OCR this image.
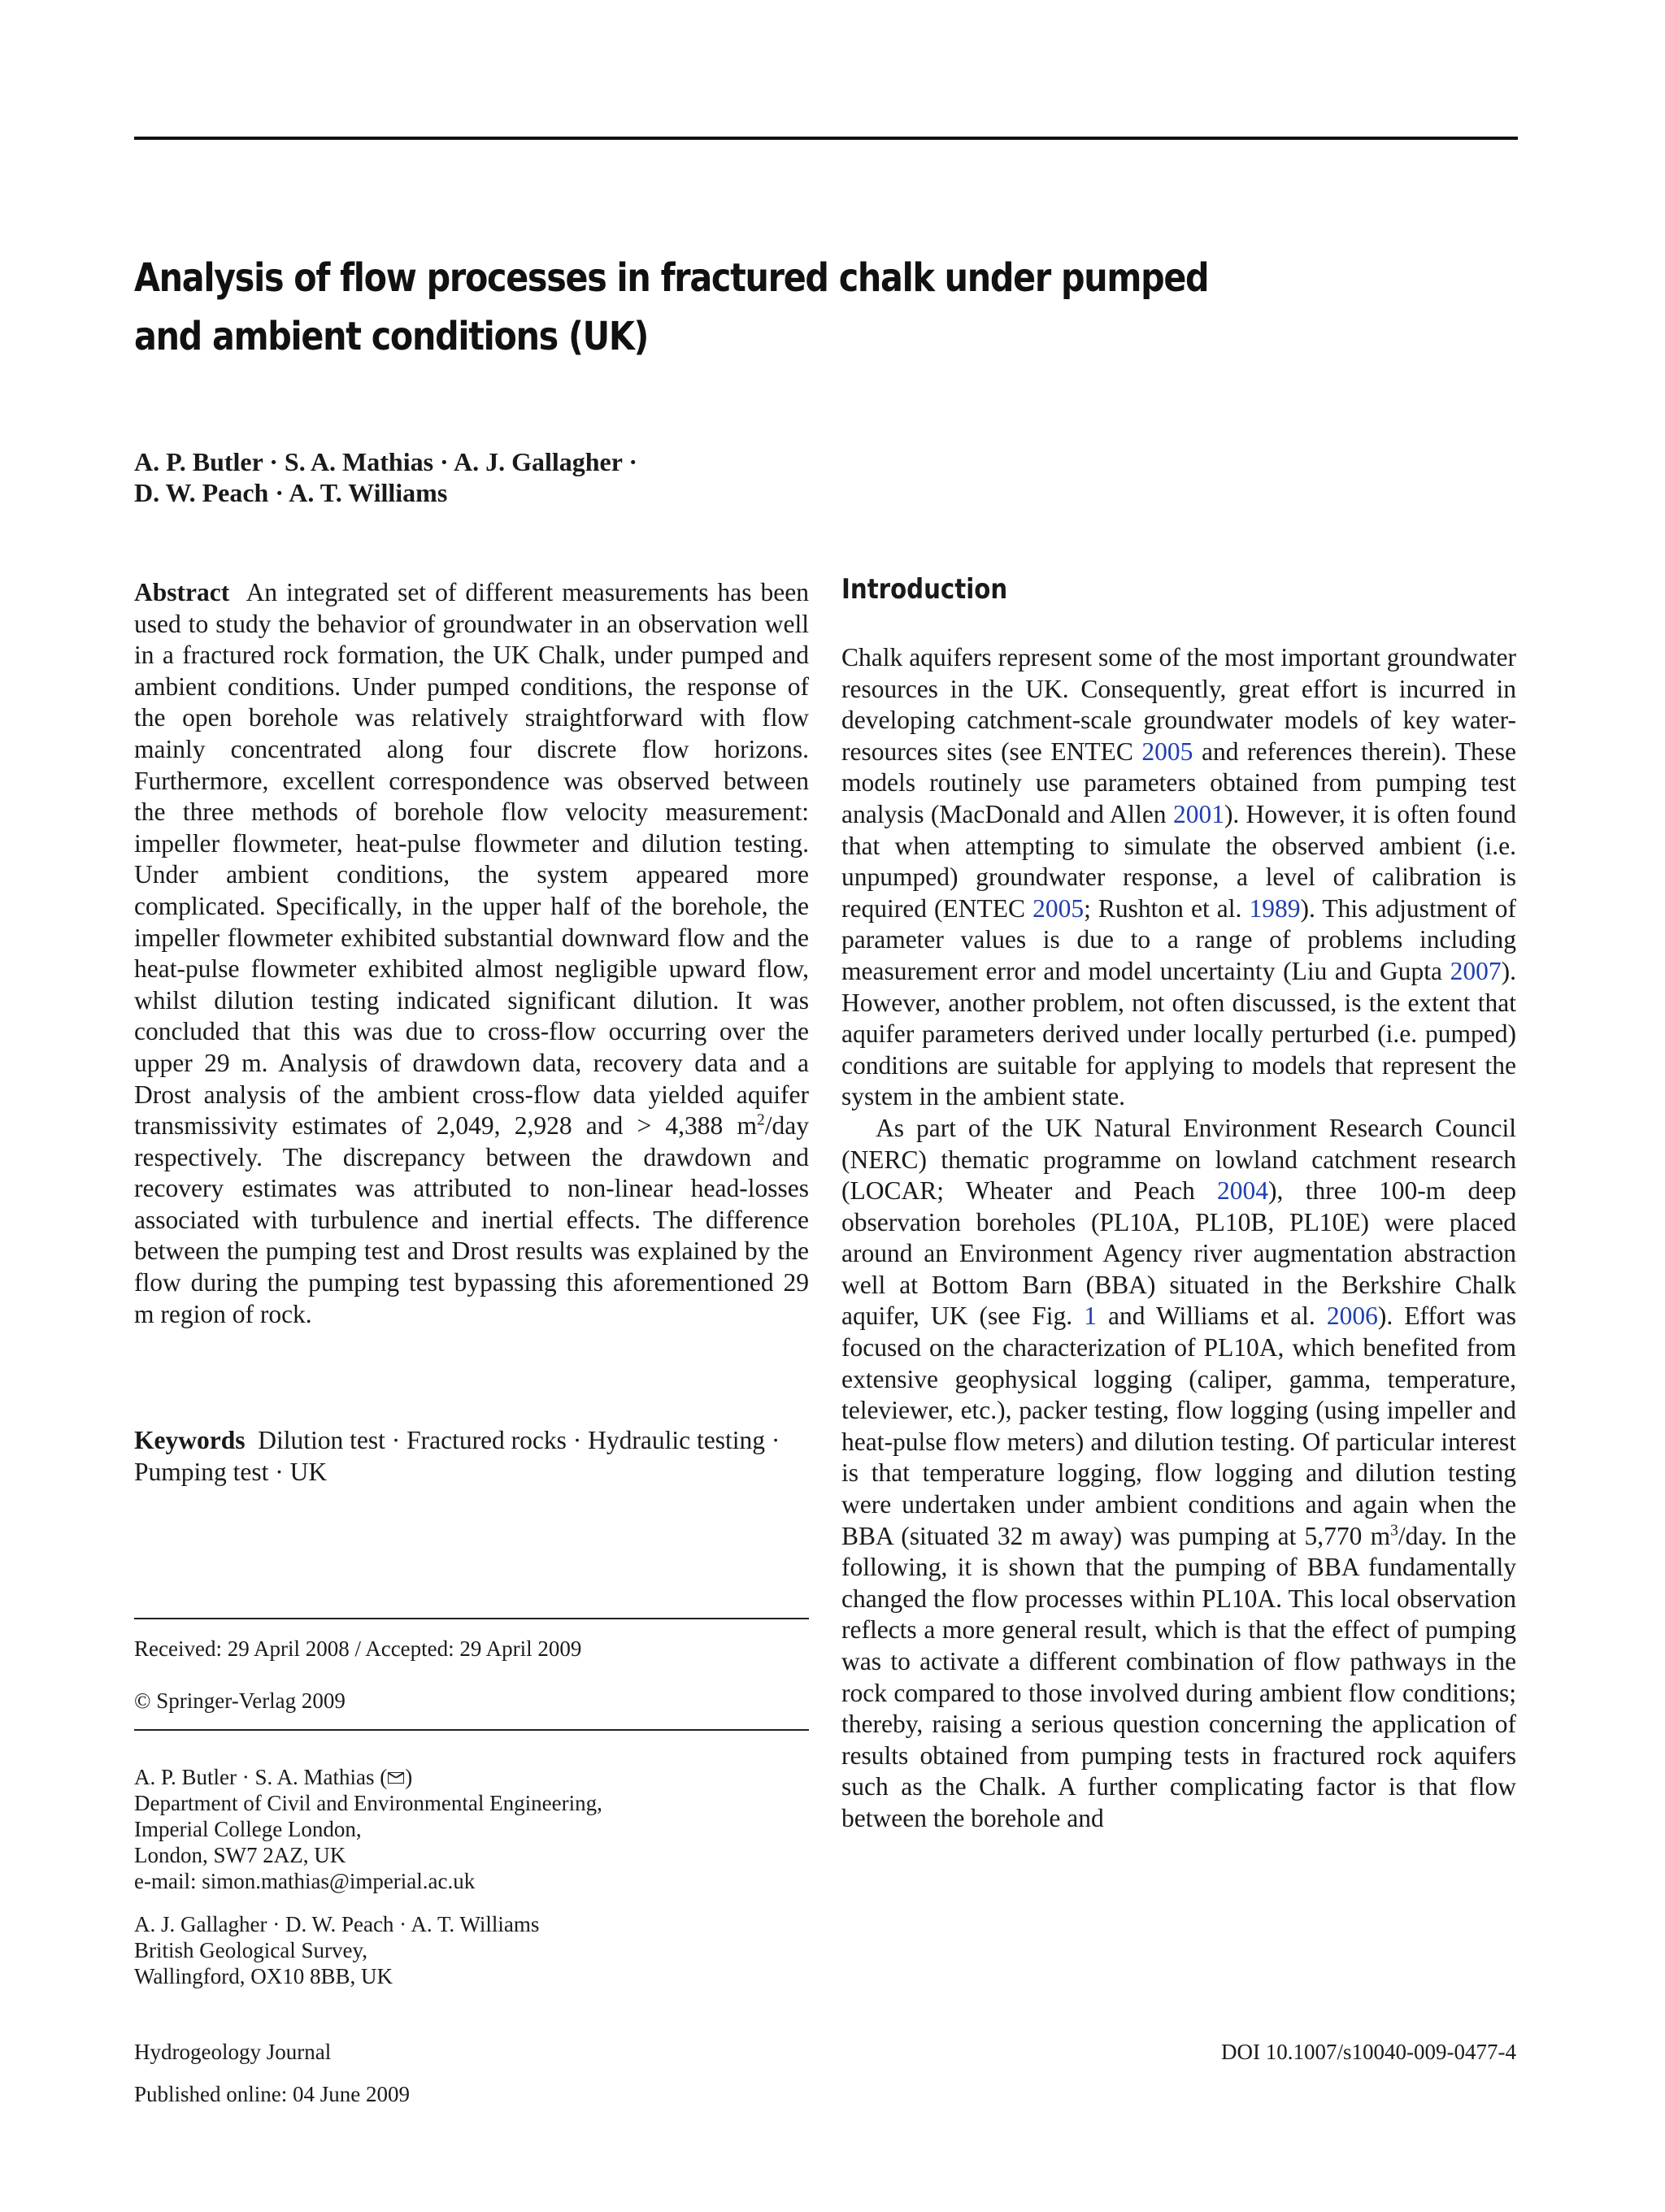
Analysis of flow processes in fractured chalk under pumped and ambient conditions (UK)
A. P. Butler · S. A. Mathias · A. J. Gallagher ·
D. W. Peach · A. T. Williams
Abstract An integrated set of different measurements has been used to study the behavior of groundwater in an observation well in a fractured rock formation, the UK Chalk, under pumped and ambient conditions. Under pumped conditions, the response of the open borehole was relatively straightforward with flow mainly concentrated along four discrete flow horizons. Furthermore, excellent correspondence was observed between the three methods of borehole flow velocity measurement: impeller flowmeter, heat-pulse flowmeter and dilution testing. Under ambient conditions, the system appeared more complicated. Specifically, in the upper half of the borehole, the impeller flowmeter exhibited substantial downward flow and the heat-pulse flowmeter exhibited almost negligible upward flow, whilst dilution testing indicated significant dilution. It was concluded that this was due to cross-flow occurring over the upper 29 m. Analysis of drawdown data, recovery data and a Drost analysis of the ambient cross-flow data yielded aquifer transmissivity estimates of 2,049, 2,928 and > 4,388 $m^2$/day respectively. The discrepancy between the drawdown and recovery estimates was attributed to non-linear head-losses associated with turbulence and inertial effects. The difference between the pumping test and Drost results was explained by the flow during the pumping test bypassing this aforementioned 29 m region of rock.
Keywords Dilution test · Fractured rocks · Hydraulic testing · Pumping test · UK
Received: 29 April 2008 / Accepted: 29 April 2009
© Springer-Verlag 2009
A. P. Butler · S. A. Mathias ( )
Department of Civil and Environmental Engineering,
Imperial College London,
London, SW7 2AZ, UK
e-mail: simon.mathias@imperial.ac.uk
A. J. Gallagher · D. W. Peach · A. T. Williams
British Geological Survey,
Wallingford, OX10 8BB, UK
Hydrogeology Journal
Published online: 04 June 2009
DOI 10.1007/s10040-009-0477-4
Introduction

Chalk aquifers represent some of the most important groundwater resources in the UK. Consequently, great effort is incurred in developing catchment-scale groundwater models of key water-resources sites (see ENTEC 2005 and references therein). These models routinely use parameters obtained from pumping test analysis (MacDonald and Allen 2001). However, it is often found that when attempting to simulate the observed ambient (i.e. unpumped) groundwater response, a level of calibration is required (ENTEC 2005; Rushton et al. 1989). This adjustment of parameter values is due to a range of problems including measurement error and model uncertainty (Liu and Gupta 2007). However, another problem, not often discussed, is the extent that aquifer parameters derived under locally perturbed (i.e. pumped) conditions are suitable for applying to models that represent the system in the ambient state.

As part of the UK Natural Environment Research Council (NERC) thematic programme on lowland catchment research (LOCAR; Wheater and Peach 2004), three 100-m deep observation boreholes (PL10A, PL10B, PL10E) were placed around an Environment Agency river augmentation abstraction well at Bottom Barn (BBA) situated in the Berkshire Chalk aquifer, UK (see Fig. 1 and Williams et al. 2006). Effort was focused on the characterization of PL10A, which benefited from extensive geophysical logging (caliper, gamma, temperature, televiewer, etc.), packer testing, flow logging (using impeller and heat-pulse flow meters) and dilution testing. Of particular interest is that temperature logging, flow logging and dilution testing were undertaken under ambient conditions and again when the BBA (situated 32 m away) was pumping at 5,770 $m^3$/day. In the following, it is shown that the pumping of BBA fundamentally changed the flow processes within PL10A. This local observation reflects a more general result, which is that the effect of pumping was to activate a different combination of flow pathways in the rock compared to those involved during ambient flow conditions; thereby, raising a serious question concerning the application of results obtained from pumping tests in fractured rock aquifers such as the Chalk. A further complicating factor is that flow between the borehole and
